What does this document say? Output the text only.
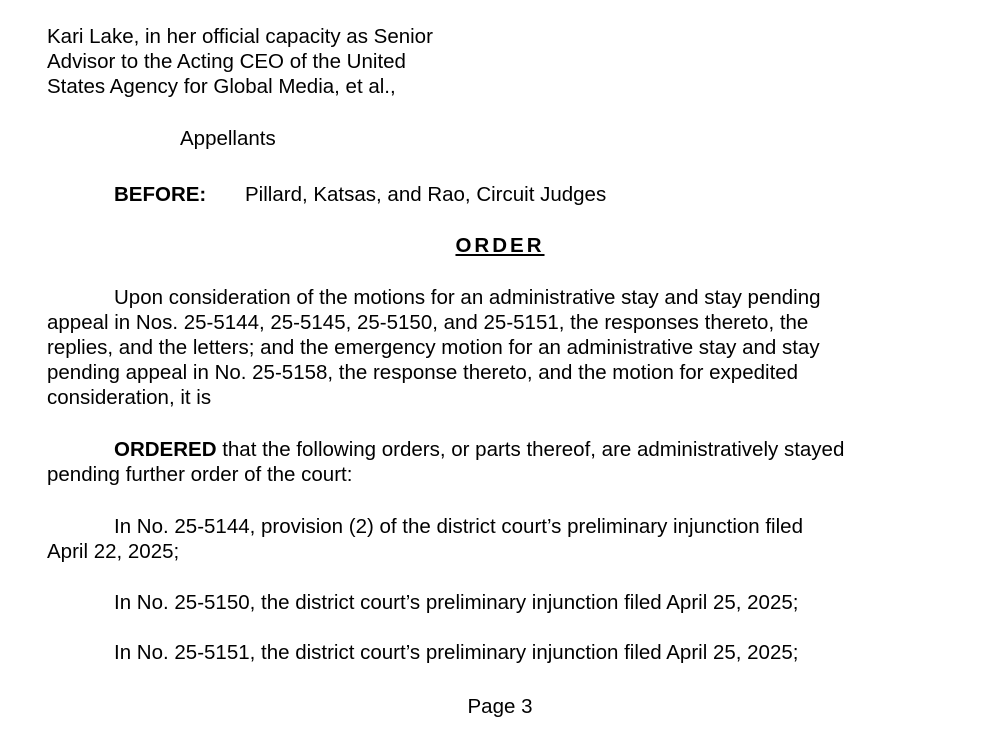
Kari Lake, in her official capacity as Senior
Advisor to the Acting CEO of the United
States Agency for Global Media, et al.,
Appellants
BEFORE: Pillard, Katsas, and Rao, Circuit Judges
ORDER
Upon consideration of the motions for an administrative stay and stay pending
appeal in Nos. 25-5144, 25-5145, 25-5150, and 25-5151, the responses thereto, the
replies, and the letters; and the emergency motion for an administrative stay and stay
pending appeal in No. 25-5158, the response thereto, and the motion for expedited
consideration, it is
ORDERED that the following orders, or parts thereof, are administratively stayed
pending further order of the court:
In No. 25-5144, provision (2) of the district court’s preliminary injunction filed
April 22, 2025;
In No. 25-5150, the district court’s preliminary injunction filed April 25, 2025;
In No. 25-5151, the district court’s preliminary injunction filed April 25, 2025;
Page 3
